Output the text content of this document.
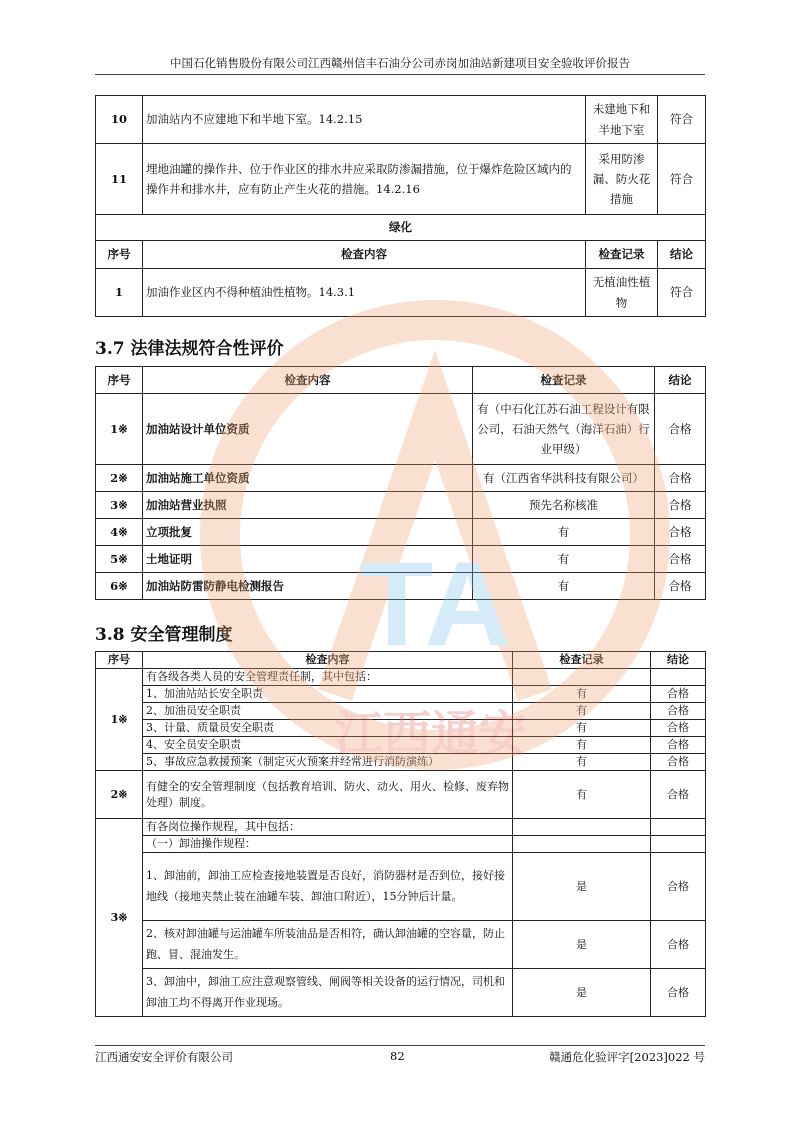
中国石化销售股份有限公司江西赣州信丰石油分公司赤岗加油站新建项目安全验收评价报告
10	加油站内不应建地下和半地下室。14.2.15	未建地下和半地下室	符合
11	埋地油罐的操作井、位于作业区的排水井应采取防渗漏措施，位于爆炸危险区域内的操作井和排水井，应有防止产生火花的措施。14.2.16	采用防渗漏、防火花措施	符合
绿化			
序号	检查内容	检查记录	结论
1	加油作业区内不得种植油性植物。14.3.1	无植油性植物	符合
3.7 法律法规符合性评价
序号	检查内容	检查记录	结论
1※	加油站设计单位资质	有（中石化江苏石油工程设计有限公司，石油天然气（海洋石油）行业甲级）	合格
2※	加油站施工单位资质	有（江西省华洪科技有限公司）	合格
3※	加油站营业执照	预先名称核准	合格
4※	立项批复	有	合格
5※	土地证明	有	合格
6※	加油站防雷防静电检测报告	有	合格
3.8 安全管理制度
序号	检查内容	检查记录	结论
1※	有各级各类人员的安全管理责任制，其中包括：		
	1、加油站站长安全职责	有	合格
	2、加油员安全职责	有	合格
	3、计量、质量员安全职责	有	合格
	4、安全员安全职责	有	合格
	5、事故应急救援预案（制定灭火预案并经常进行消防演练）	有	合格
2※	有健全的安全管理制度（包括教育培训、防火、动火、用火、检修、废弃物处理）制度。	有	合格
3※	有各岗位操作规程，其中包括：		
	（一）卸油操作规程：		
	1、卸油前，卸油工应检查接地装置是否良好，消防器材是否到位，接好接地线（接地夹禁止装在油罐车装、卸油口附近），15分钟后计量。	是	合格
	2、核对卸油罐与运油罐车所装油品是否相符，确认卸油罐的空容量，防止跑、冒、混油发生。	是	合格
	3、卸油中，卸油工应注意观察管线、闸阀等相关设备的运行情况，司机和卸油工均不得离开作业现场。	是	合格
TA
江西通安
江西通安安全评价有限公司	82	赣通危化验评字[2023]022 号
